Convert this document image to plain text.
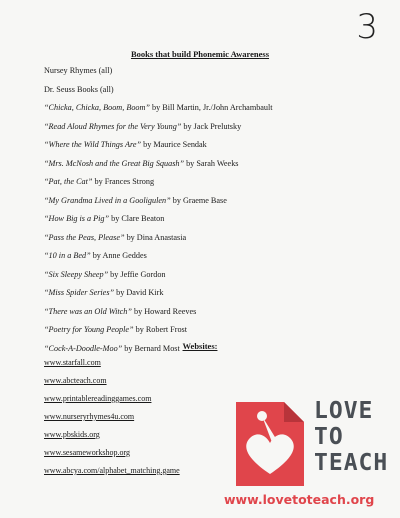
3
Books that build Phonemic Awareness
Nursey Rhymes (all)
Dr. Seuss Books (all)
“Chicka, Chicka, Boom, Boom” by Bill Martin, Jr./John Archambault
“Read Aloud Rhymes for the Very Young” by Jack Prelutsky
“Where the Wild Things Are” by Maurice Sendak
“Mrs. McNosh and the Great Big Squash” by Sarah Weeks
“Pat, the Cat” by Frances Strong
“My Grandma Lived in a Gooligulen” by Graeme Base
“How Big is a Pig” by Clare Beaton
“Pass the Peas, Please” by Dina Anastasia
“10 in a Bed” by Anne Geddes
“Six Sleepy Sheep” by Jeffie Gordon
“Miss Spider Series” by David Kirk
“There was an Old Witch” by Howard Reeves
“Poetry for Young People” by Robert Frost
“Cock-A-Doodle-Moo” by Bernard Most Websites:
www.starfall.com
www.abcteach.com
www.printablereadinggames.com
www.nurseryrhymes4u.com
www.pbskids.org
www.sesameworkshop.org
www.abcya.com/alphabet_matching.game
LOVE
TO
TEACH
www.lovetoteach.org
